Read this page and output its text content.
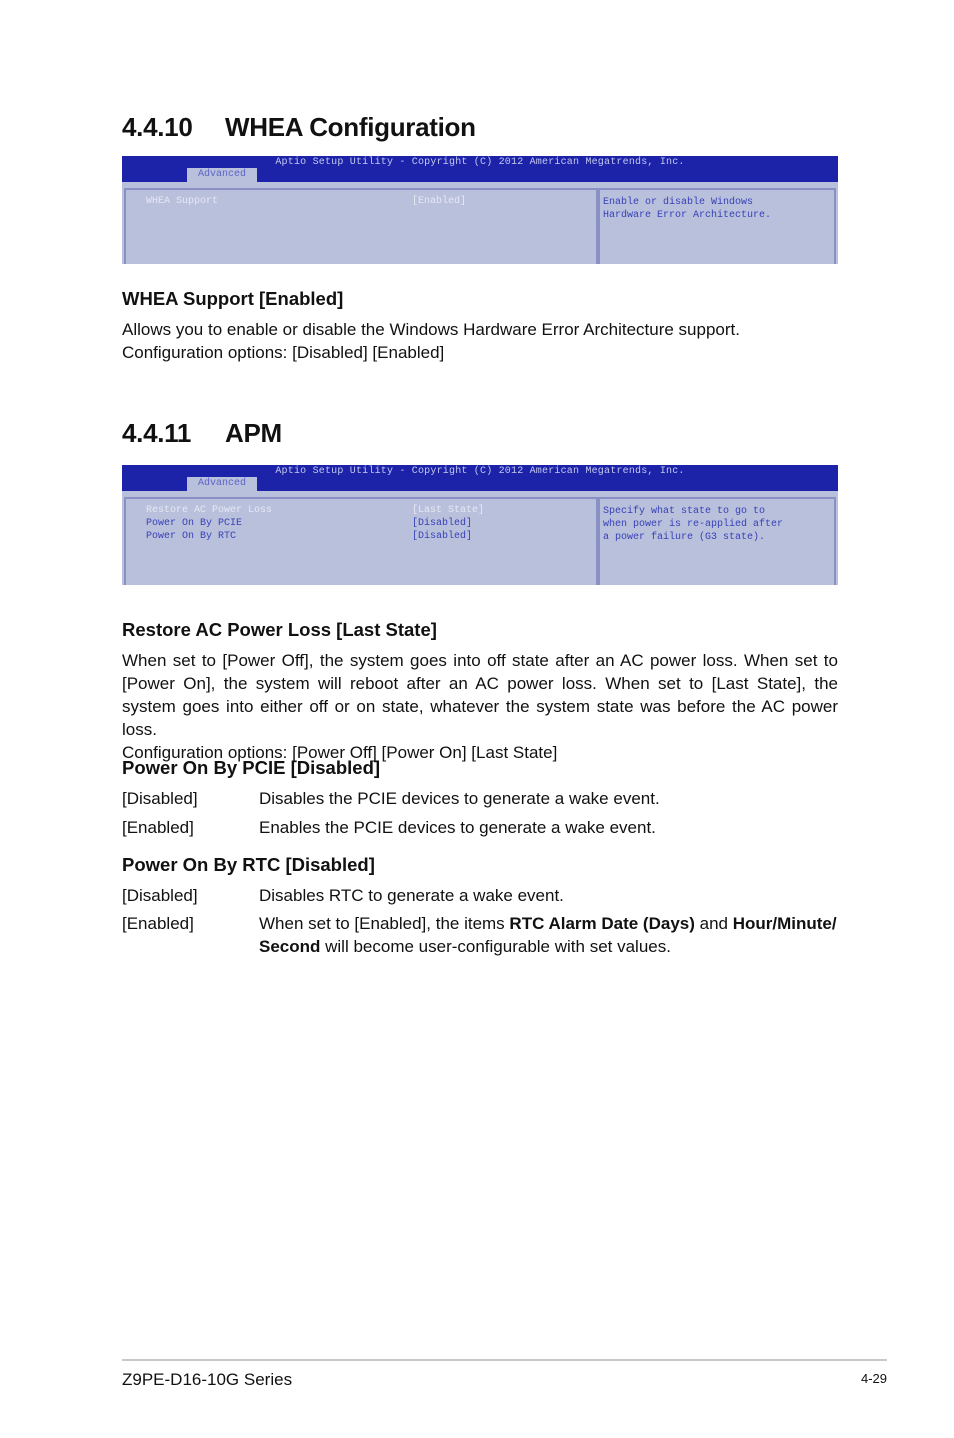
4.4.10 WHEA Configuration
Aptio Setup Utility - Copyright (C) 2012 American Megatrends, Inc.
Advanced
WHEA Support	[Enabled]	Enable or disable Windows
Hardware Error Architecture.
WHEA Support [Enabled]
Allows you to enable or disable the Windows Hardware Error Architecture support.
Configuration options: [Disabled] [Enabled]
4.4.11 APM
Aptio Setup Utility - Copyright (C) 2012 American Megatrends, Inc.
Advanced
Restore AC Power Loss	[Last State]
Power On By PCIE	[Disabled]
Power On By RTC	[Disabled]
Specify what state to go to
when power is re-applied after
a power failure (G3 state).
Restore AC Power Loss [Last State]
When set to [Power Off], the system goes into off state after an AC power loss. When set to [Power On], the system will reboot after an AC power loss. When set to [Last State], the system goes into either off or on state, whatever the system state was before the AC power loss.
Configuration options: [Power Off] [Power On] [Last State]
Power On By PCIE [Disabled]
[Disabled]	Disables the PCIE devices to generate a wake event.
[Enabled]	Enables the PCIE devices to generate a wake event.
Power On By RTC [Disabled]
[Disabled]	Disables RTC to generate a wake event.
[Enabled]	When set to [Enabled], the items RTC Alarm Date (Days) and Hour/Minute/ Second will become user-configurable with set values.
Z9PE-D16-10G Series	4-29
